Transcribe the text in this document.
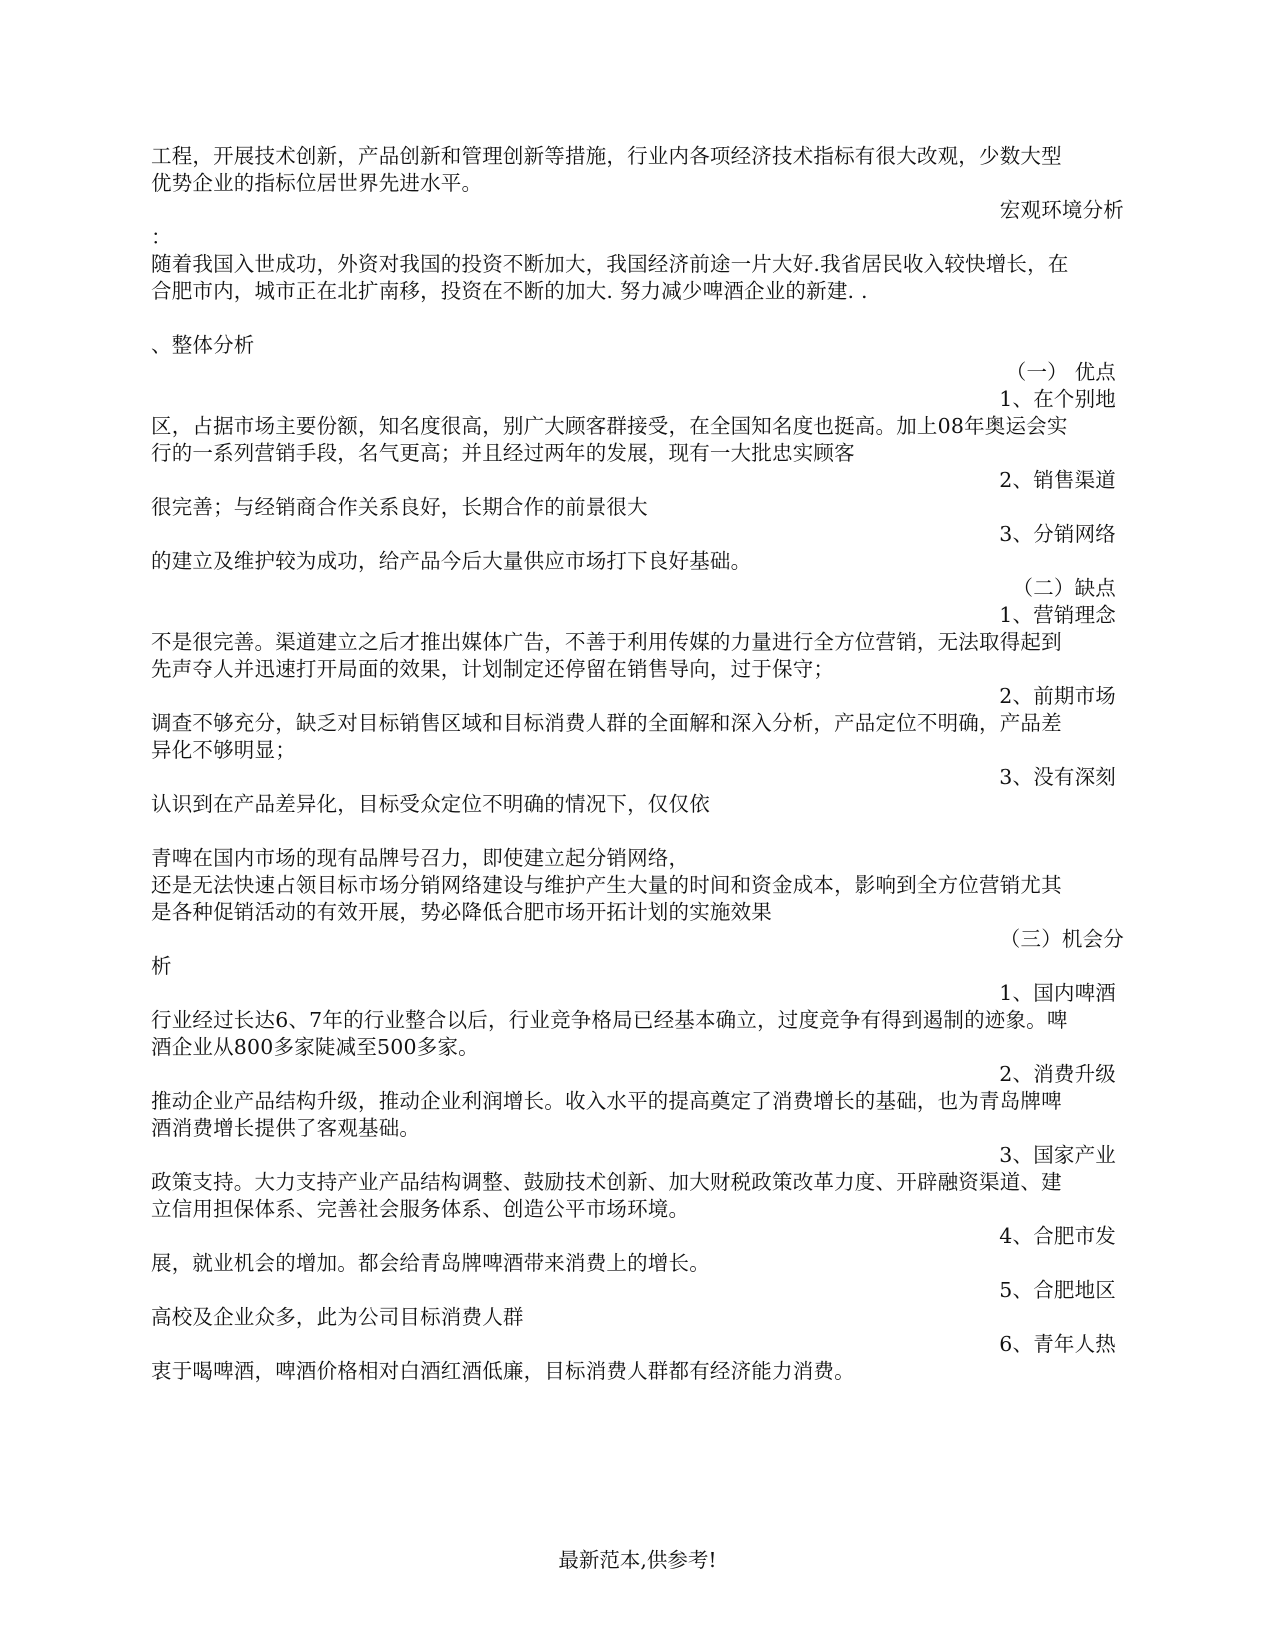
工程，开展技术创新，产品创新和管理创新等措施，行业内各项经济技术指标有很大改观，少数大型
优势企业的指标位居世界先进水平。
宏观环境分析
：
随着我国入世成功，外资对我国的投资不断加大，我国经济前途一片大好.我省居民收入较快增长，在
合肥市内，城市正在北扩南移，投资在不断的加大. 努力减少啤酒企业的新建. .
、整体分析
（一） 优点
1、在个别地
区，占据市场主要份额，知名度很高，别广大顾客群接受，在全国知名度也挺高。加上08年奥运会实
行的一系列营销手段，名气更高；并且经过两年的发展，现有一大批忠实顾客
2、销售渠道
很完善；与经销商合作关系良好，长期合作的前景很大
3、分销网络
的建立及维护较为成功，给产品今后大量供应市场打下良好基础。
（二）缺点
1、营销理念
不是很完善。渠道建立之后才推出媒体广告，不善于利用传媒的力量进行全方位营销，无法取得起到
先声夺人并迅速打开局面的效果，计划制定还停留在销售导向，过于保守；
2、前期市场
调查不够充分，缺乏对目标销售区域和目标消费人群的全面解和深入分析，产品定位不明确，产品差
异化不够明显；
3、没有深刻
认识到在产品差异化，目标受众定位不明确的情况下，仅仅依
青啤在国内市场的现有品牌号召力，即使建立起分销网络，
还是无法快速占领目标市场分销网络建设与维护产生大量的时间和资金成本，影响到全方位营销尤其
是各种促销活动的有效开展，势必降低合肥市场开拓计划的实施效果
（三）机会分
析
1、国内啤酒
行业经过长达6、7年的行业整合以后，行业竞争格局已经基本确立，过度竞争有得到遏制的迹象。啤
酒企业从800多家陡减至500多家。
2、消费升级
推动企业产品结构升级，推动企业利润增长。收入水平的提高奠定了消费增长的基础，也为青岛牌啤
酒消费增长提供了客观基础。
3、国家产业
政策支持。大力支持产业产品结构调整、鼓励技术创新、加大财税政策改革力度、开辟融资渠道、建
立信用担保体系、完善社会服务体系、创造公平市场环境。
4、合肥市发
展，就业机会的增加。都会给青岛牌啤酒带来消费上的增长。
5、合肥地区
高校及企业众多，此为公司目标消费人群
6、青年人热
衷于喝啤酒，啤酒价格相对白酒红酒低廉，目标消费人群都有经济能力消费。
最新范本,供参考!
